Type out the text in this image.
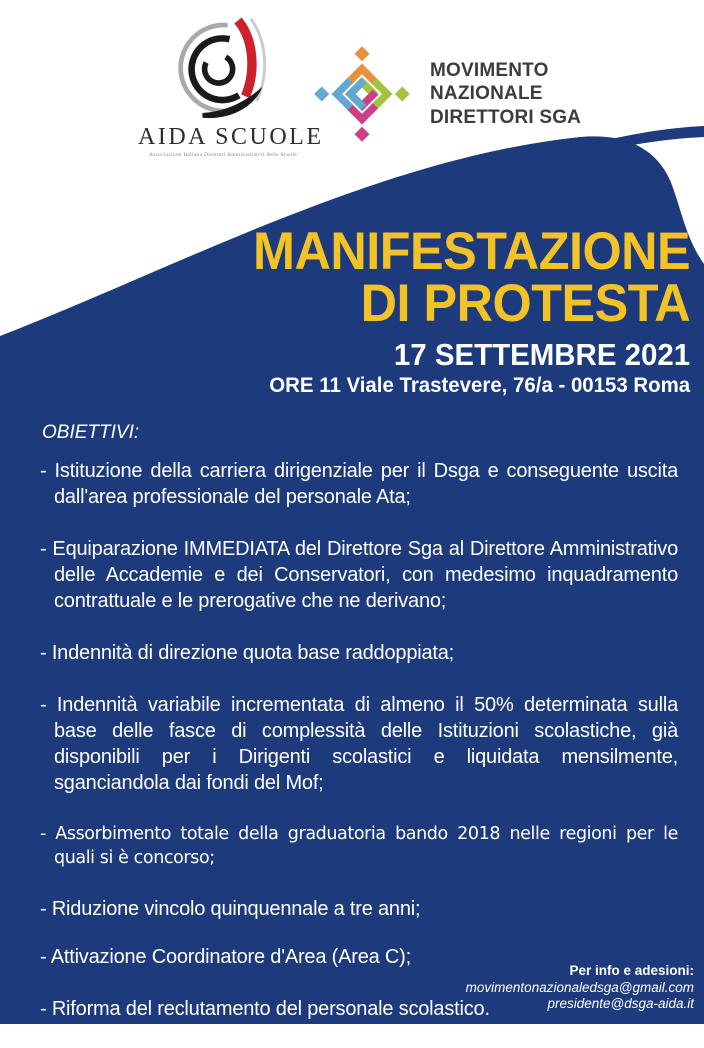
AIDA SCUOLE
Associazione Italiana Direttori Amministrativi delle Scuole
MOVIMENTO
NAZIONALE
DIRETTORI SGA
MANIFESTAZIONE
DI PROTESTA
17 SETTEMBRE 2021
ORE 11 Viale Trastevere, 76/a - 00153 Roma
OBIETTIVI:

- Istituzione della carriera dirigenziale per il Dsga e conseguente uscita dall'area professionale del personale Ata;

- Equiparazione IMMEDIATA del Direttore Sga al Direttore Amministrativo delle Accademie e dei Conservatori, con medesimo inquadramento contrattuale e le prerogative che ne derivano;

- Indennità di direzione quota base raddoppiata;

- Indennità variabile incrementata di almeno il 50% determinata sulla base delle fasce di complessità delle Istituzioni scolastiche, già disponibili per i Dirigenti scolastici e liquidata mensilmente, sganciandola dai fondi del Mof;

- Assorbimento totale della graduatoria bando 2018 nelle regioni per le quali si è concorso;

- Riduzione vincolo quinquennale a tre anni;

- Attivazione Coordinatore d'Area (Area C);

- Riforma del reclutamento del personale scolastico.

Per info e adesioni:
movimentonazionaledsga@gmail.com
presidente@dsga-aida.it
